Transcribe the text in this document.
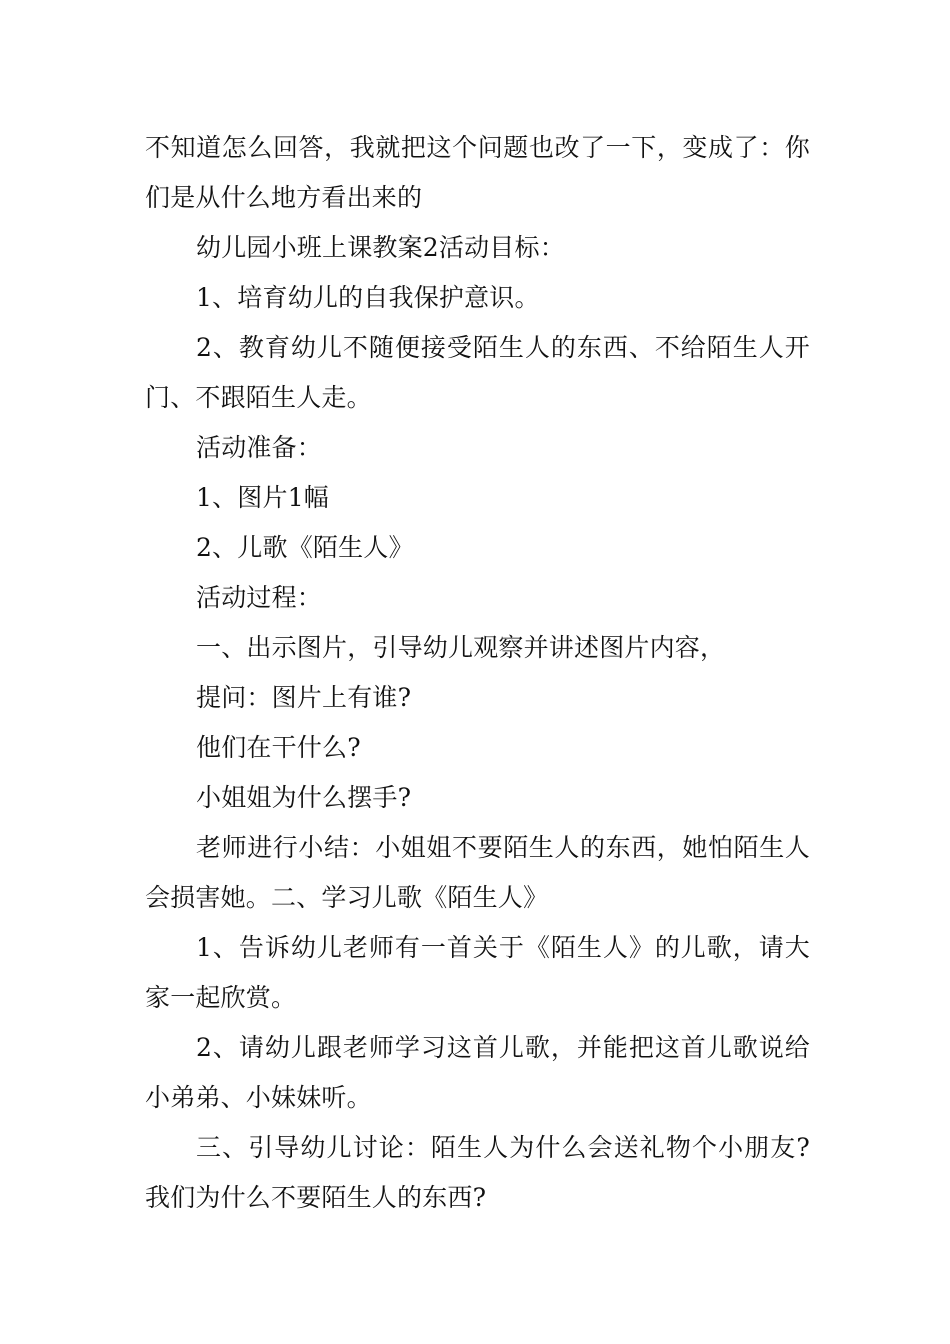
不知道怎么回答，我就把这个问题也改了一下，变成了：你们是从什么地方看出来的

幼儿园小班上课教案2活动目标：

1、培育幼儿的自我保护意识。

2、教育幼儿不随便接受陌生人的东西、不给陌生人开门、不跟陌生人走。

活动准备：

1、图片1幅

2、儿歌《陌生人》

活动过程：

一、出示图片，引导幼儿观察并讲述图片内容，

提问：图片上有谁?

他们在干什么?

小姐姐为什么摆手?

老师进行小结：小姐姐不要陌生人的东西，她怕陌生人会损害她。二、学习儿歌《陌生人》

1、告诉幼儿老师有一首关于《陌生人》的儿歌，请大家一起欣赏。

2、请幼儿跟老师学习这首儿歌，并能把这首儿歌说给小弟弟、小妹妹听。

三、引导幼儿讨论：陌生人为什么会送礼物个小朋友?我们为什么不要陌生人的东西?
